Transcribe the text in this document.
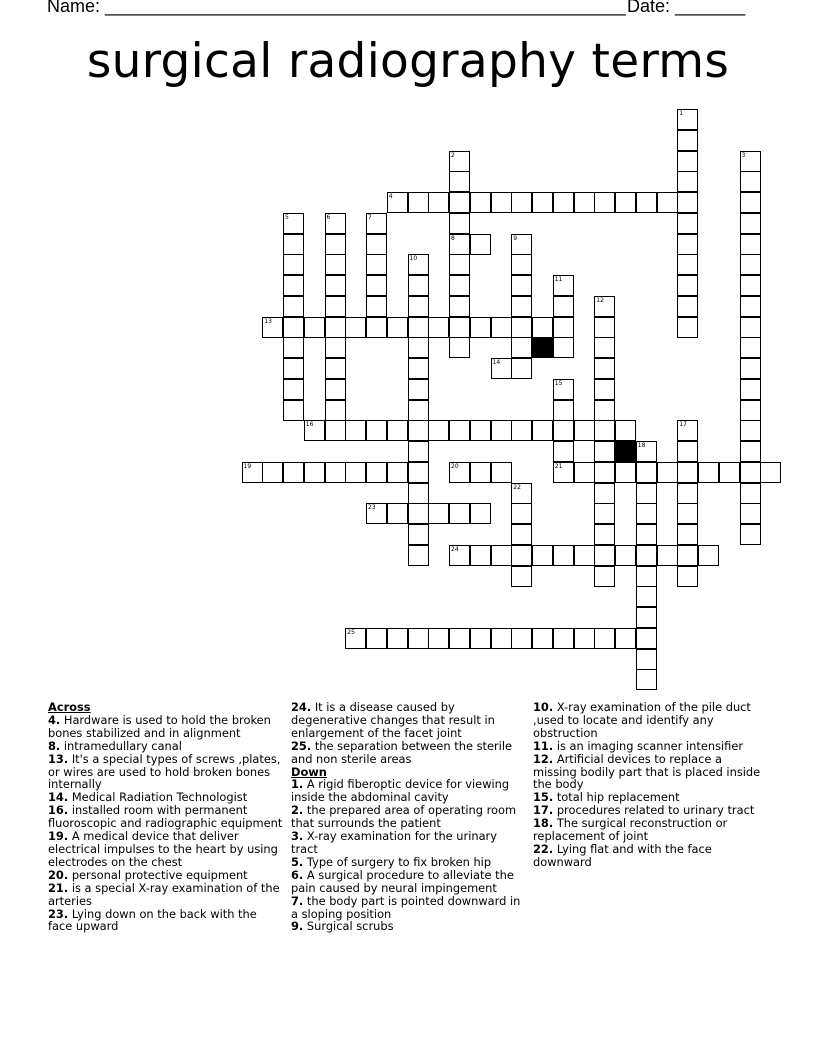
Name: ____________________________________________________ Date: _______
surgical radiography terms
1
2	3
4
5	6	7
8	9
10
11
12
13
14
15
16	17
18
19	20	21
22
23
24
25
Across
4. Hardware is used to hold the broken bones stabilized and in alignment
8. intramedullary canal
13. It's a special types of screws ,plates, or wires are used to hold broken bones internally
14. Medical Radiation Technologist
16. installed room with permanent fluoroscopic and radiographic equipment
19. A medical device that deliver electrical impulses to the heart by using electrodes on the chest
20. personal protective equipment
21. is a special X-ray examination of the arteries
23. Lying down on the back with the face upward
24. It is a disease caused by degenerative changes that result in enlargement of the facet joint
25. the separation between the sterile and non sterile areas
Down
1. A rigid fiberoptic device for viewing inside the abdominal cavity
2. the prepared area of operating room that surrounds the patient
3. X-ray examination for the urinary tract
5. Type of surgery to fix broken hip
6. A surgical procedure to alleviate the pain caused by neural impingement
7. the body part is pointed downward in a sloping position
9. Surgical scrubs
10. X-ray examination of the pile duct ,used to locate and identify any obstruction
11. is an imaging scanner intensifier
12. Artificial devices to replace a missing bodily part that is placed inside the body
15. total hip replacement
17. procedures related to urinary tract
18. The surgical reconstruction or replacement of joint
22. Lying flat and with the face downward
